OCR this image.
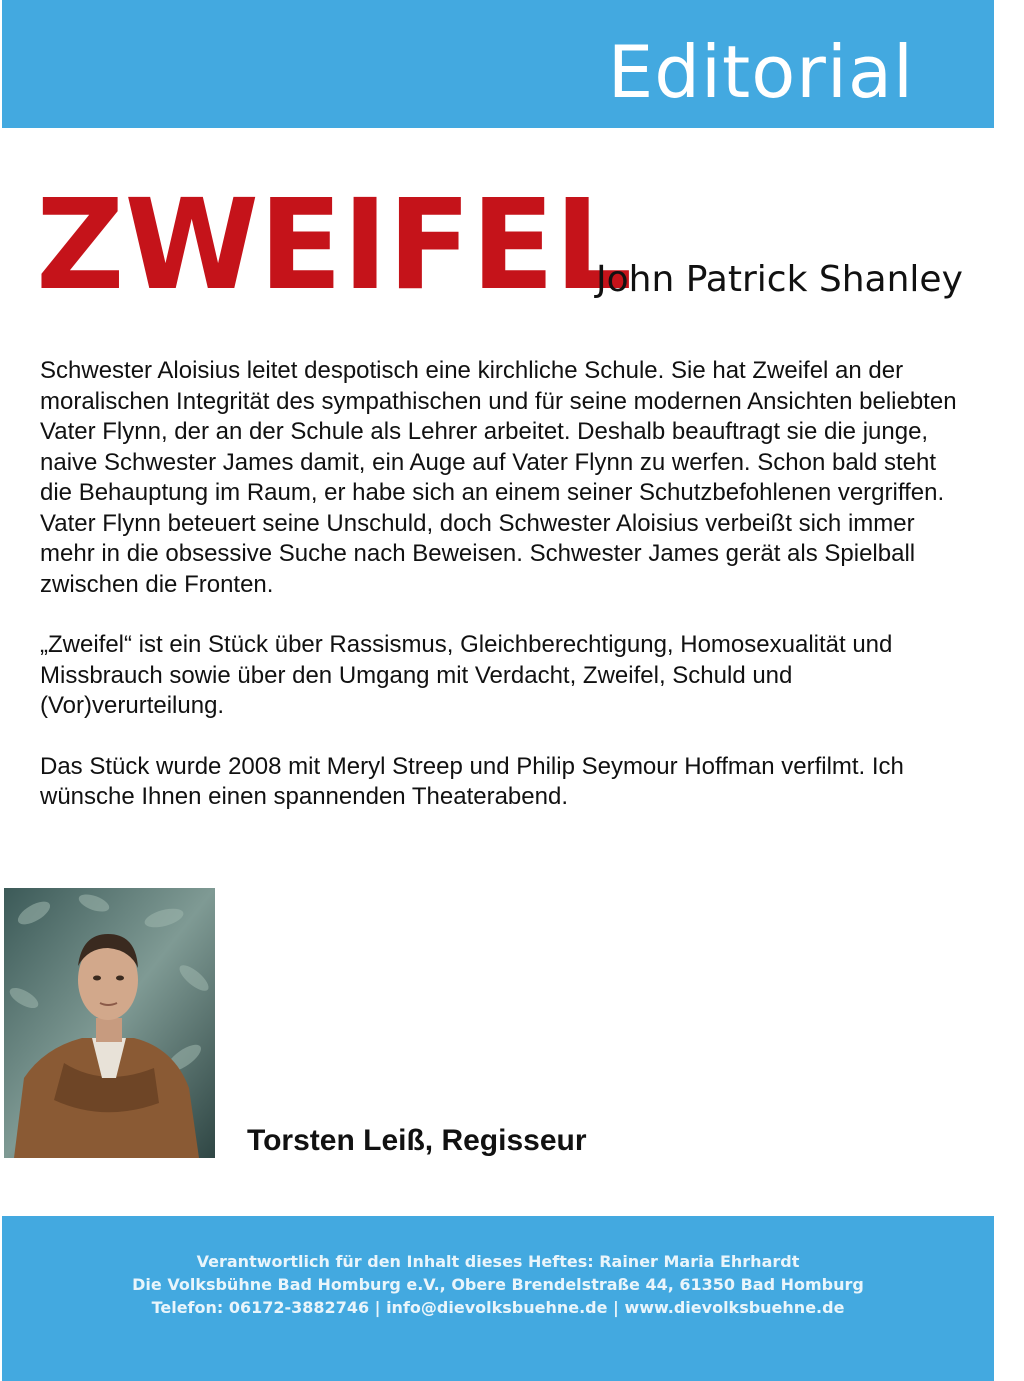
Editorial
ZWEIFEL
John Patrick Shanley

Schwester Aloisius leitet despotisch eine kirchliche Schule. Sie hat Zweifel an der moralischen Integrität des sympathischen und für seine modernen Ansichten beliebten Vater Flynn, der an der Schule als Lehrer arbeitet. Deshalb beauftragt sie die junge, naive Schwester James damit, ein Auge auf Vater Flynn zu werfen. Schon bald steht die Behauptung im Raum, er habe sich an einem seiner Schutzbefohlenen vergriffen. Vater Flynn beteuert seine Unschuld, doch Schwester Aloisius verbeißt sich immer mehr in die obsessive Suche nach Beweisen. Schwester James gerät als Spielball zwischen die Fronten.

„Zweifel“ ist ein Stück über Rassismus, Gleichberechtigung, Homosexualität und Missbrauch sowie über den Umgang mit Verdacht, Zweifel, Schuld und (Vor)verurteilung.

Das Stück wurde 2008 mit Meryl Streep und Philip Seymour Hoffman verfilmt. Ich wünsche Ihnen einen spannenden Theaterabend.

Torsten Leiß, Regisseur
Verantwortlich für den Inhalt dieses Heftes: Rainer Maria Ehrhardt
Die Volksbühne Bad Homburg e.V., Obere Brendelstraße 44, 61350 Bad Homburg
Telefon: 06172-3882746 | info@dievolksbuehne.de | www.dievolksbuehne.de
